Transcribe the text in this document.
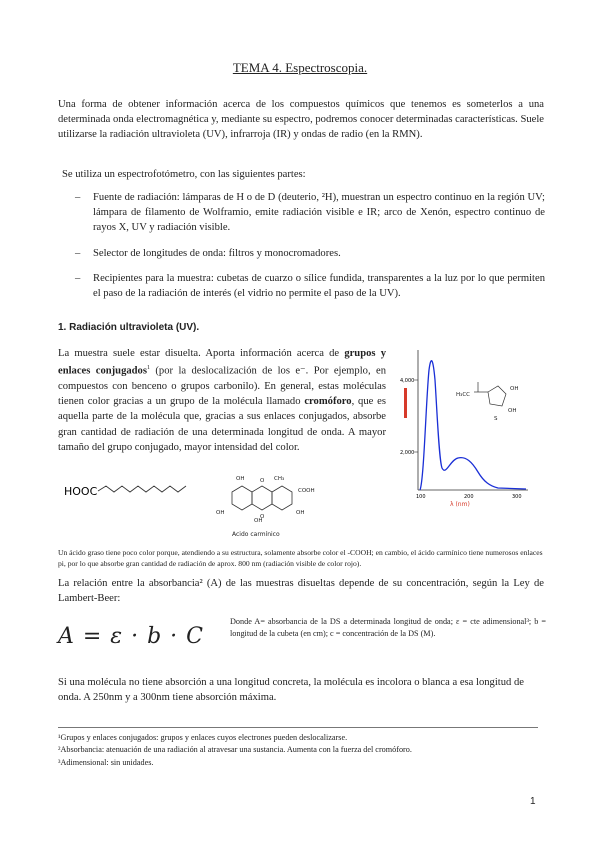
TEMA 4. Espectroscopia.
Una forma de obtener información acerca de los compuestos químicos que tenemos es someterlos a una determinada onda electromagnética y, mediante su espectro, podremos conocer determinadas características. Suele utilizarse la radiación ultravioleta (UV), infrarroja (IR) y ondas de radio (en la RMN).
Se utiliza un espectrofotómetro, con las siguientes partes:
– Fuente de radiación: lámparas de H o de D (deuterio, ²H), muestran un espectro continuo en la región UV; lámpara de filamento de Wolframio, emite radiación visible e IR; arco de Xenón, espectro continuo de rayos X, UV y radiación visible.
– Selector de longitudes de onda: filtros y monocromadores.
– Recipientes para la muestra: cubetas de cuarzo o sílice fundida, transparentes a la luz por lo que permiten el paso de la radiación de interés (el vidrio no permite el paso de la UV).
1. Radiación ultravioleta (UV).
La muestra suele estar disuelta. Aporta información acerca de grupos y enlaces conjugados$^1$ (por la deslocalización de los e⁻. Por ejemplo, en compuestos con benceno o grupos carbonilo). En general, estas moléculas tienen color gracias a un grupo de la molécula llamado cromóforo, que es aquella parte de la molécula que, gracias a sus enlaces conjugados, absorbe gran cantidad de radiación de una determinada longitud de onda. A mayor tamaño del grupo conjugado, mayor intensidad del color.
4,000
2,000
100	200	300
λ (nm)
H₃CC
OH
OH
S
HOOC
CH₃
COOH
OH
OH
OH
OH
O
O
Acido carmínico
Un ácido graso tiene poco color porque, atendiendo a su estructura, solamente absorbe color el -COOH; en cambio, el ácido carmínico tiene numerosos enlaces pi, por lo que absorbe gran cantidad de radiación de aprox. 800 nm (radiación visible de color rojo).
La relación entre la absorbancia² (A) de las muestras disueltas depende de su concentración, según la Ley de Lambert-Beer:
A = ε · b · C
Donde A= absorbancia de la DS a determinada longitud de onda; ε = cte adimensional³; b = longitud de la cubeta (en cm); c = concentración de la DS (M).
Si una molécula no tiene absorción a una longitud concreta, la molécula es incolora o blanca a esa longitud de onda. A 250nm y a 300nm tiene absorción máxima.
¹Grupos y enlaces conjugados: grupos y enlaces cuyos electrones pueden deslocalizarse.
²Absorbancia: atenuación de una radiación al atravesar una sustancia. Aumenta con la fuerza del cromóforo.
³Adimensional: sin unidades.
1
